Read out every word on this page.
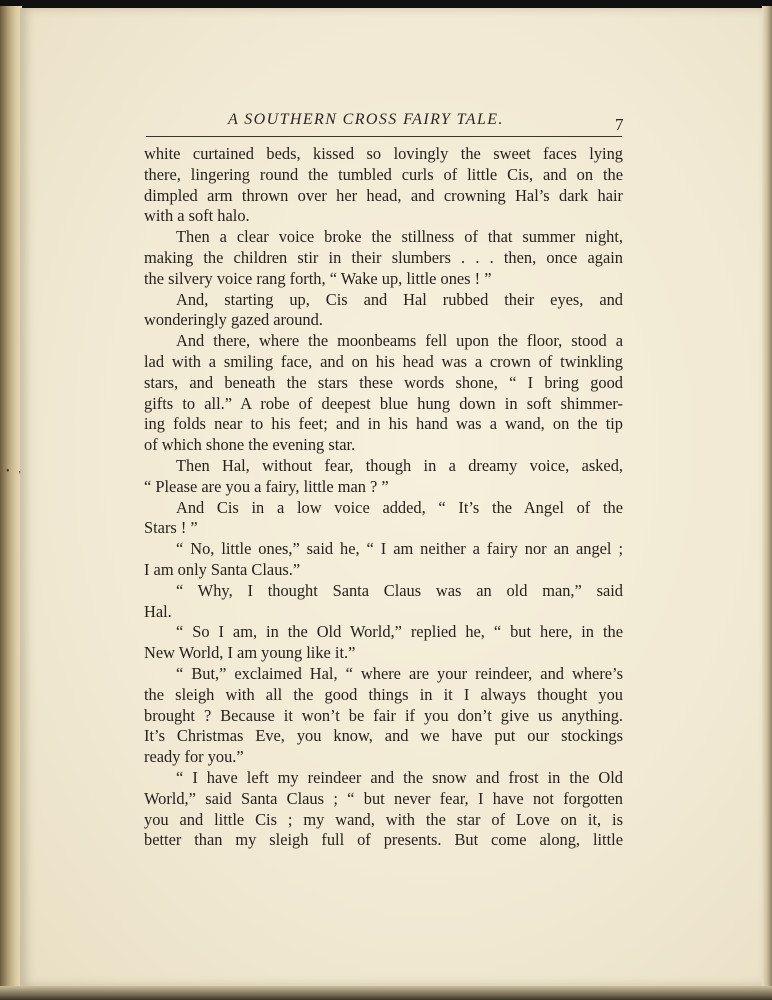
A SOUTHERN CROSS FAIRY TALE.	7
• ‚
white curtained beds, kissed so lovingly the sweet faces lying
there, lingering round the tumbled curls of little Cis, and on the
dimpled arm thrown over her head, and crowning Hal’s dark hair
with a soft halo.
Then a clear voice broke the stillness of that summer night,
making the children stir in their slumbers . . . then, once again
the silvery voice rang forth, “ Wake up, little ones ! ”
And, starting up, Cis and Hal rubbed their eyes, and
wonderingly gazed around.
And there, where the moonbeams fell upon the floor, stood a
lad with a smiling face, and on his head was a crown of twinkling
stars, and beneath the stars these words shone, “ I bring good
gifts to all.” A robe of deepest blue hung down in soft shimmer-
ing folds near to his feet; and in his hand was a wand, on the tip
of which shone the evening star.
Then Hal, without fear, though in a dreamy voice, asked,
“ Please are you a fairy, little man ? ”
And Cis in a low voice added, “ It’s the Angel of the
Stars ! ”
“ No, little ones,” said he, “ I am neither a fairy nor an angel ;
I am only Santa Claus.”
“ Why, I thought Santa Claus was an old man,” said
Hal.
“ So I am, in the Old World,” replied he, “ but here, in the
New World, I am young like it.”
“ But,” exclaimed Hal, “ where are your reindeer, and where’s
the sleigh with all the good things in it I always thought you
brought ? Because it won’t be fair if you don’t give us anything.
It’s Christmas Eve, you know, and we have put our stockings
ready for you.”
“ I have left my reindeer and the snow and frost in the Old
World,” said Santa Claus ; “ but never fear, I have not forgotten
you and little Cis ; my wand, with the star of Love on it, is
better than my sleigh full of presents. But come along, little
